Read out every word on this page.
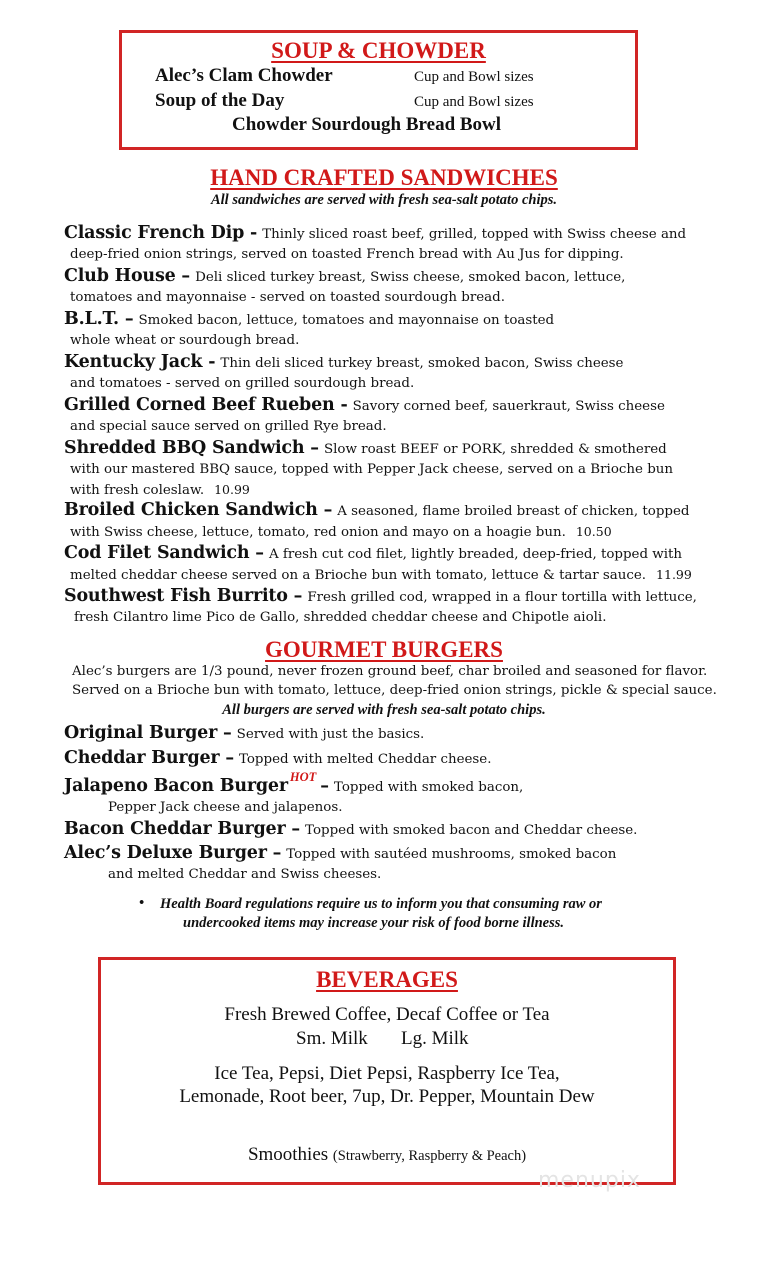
SOUP & CHOWDER
Alec’s Clam Chowder	Cup and Bowl sizes
Soup of the Day	Cup and Bowl sizes
Chowder Sourdough Bread Bowl
HAND CRAFTED SANDWICHES
All sandwiches are served with fresh sea-salt potato chips.
Classic French Dip - Thinly sliced roast beef, grilled, topped with Swiss cheese and
deep-fried onion strings, served on toasted French bread with Au Jus for dipping.
Club House – Deli sliced turkey breast, Swiss cheese, smoked bacon, lettuce,
tomatoes and mayonnaise - served on toasted sourdough bread.
B.L.T. – Smoked bacon, lettuce, tomatoes and mayonnaise on toasted
whole wheat or sourdough bread.
Kentucky Jack - Thin deli sliced turkey breast, smoked bacon, Swiss cheese
and tomatoes - served on grilled sourdough bread.
Grilled Corned Beef Rueben - Savory corned beef, sauerkraut, Swiss cheese
and special sauce served on grilled Rye bread.
Shredded BBQ Sandwich – Slow roast BEEF or PORK, shredded & smothered
with our mastered BBQ sauce, topped with Pepper Jack cheese, served on a Brioche bun
with fresh coleslaw. 10.99
Broiled Chicken Sandwich – A seasoned, flame broiled breast of chicken, topped
with Swiss cheese, lettuce, tomato, red onion and mayo on a hoagie bun. 10.50
Cod Filet Sandwich – A fresh cut cod filet, lightly breaded, deep-fried, topped with
melted cheddar cheese served on a Brioche bun with tomato, lettuce & tartar sauce. 11.99
Southwest Fish Burrito – Fresh grilled cod, wrapped in a flour tortilla with lettuce,
fresh Cilantro lime Pico de Gallo, shredded cheddar cheese and Chipotle aioli.
GOURMET BURGERS
Alec’s burgers are 1/3 pound, never frozen ground beef, char broiled and seasoned for flavor.
Served on a Brioche bun with tomato, lettuce, deep-fried onion strings, pickle & special sauce.
All burgers are served with fresh sea-salt potato chips.
Original Burger – Served with just the basics.
Cheddar Burger – Topped with melted Cheddar cheese.
Jalapeno Bacon Burger $^{HOT}$ – Topped with smoked bacon,
Pepper Jack cheese and jalapenos.
Bacon Cheddar Burger – Topped with smoked bacon and Cheddar cheese.
Alec’s Deluxe Burger – Topped with sautéed mushrooms, smoked bacon
and melted Cheddar and Swiss cheeses.
• Health Board regulations require us to inform you that consuming raw or
undercooked items may increase your risk of food borne illness.
BEVERAGES
Fresh Brewed Coffee, Decaf Coffee or Tea
Sm. Milk Lg. Milk
Ice Tea, Pepsi, Diet Pepsi, Raspberry Ice Tea,
Lemonade, Root beer, 7up, Dr. Pepper, Mountain Dew
Smoothies (Strawberry, Raspberry & Peach)
menupix
